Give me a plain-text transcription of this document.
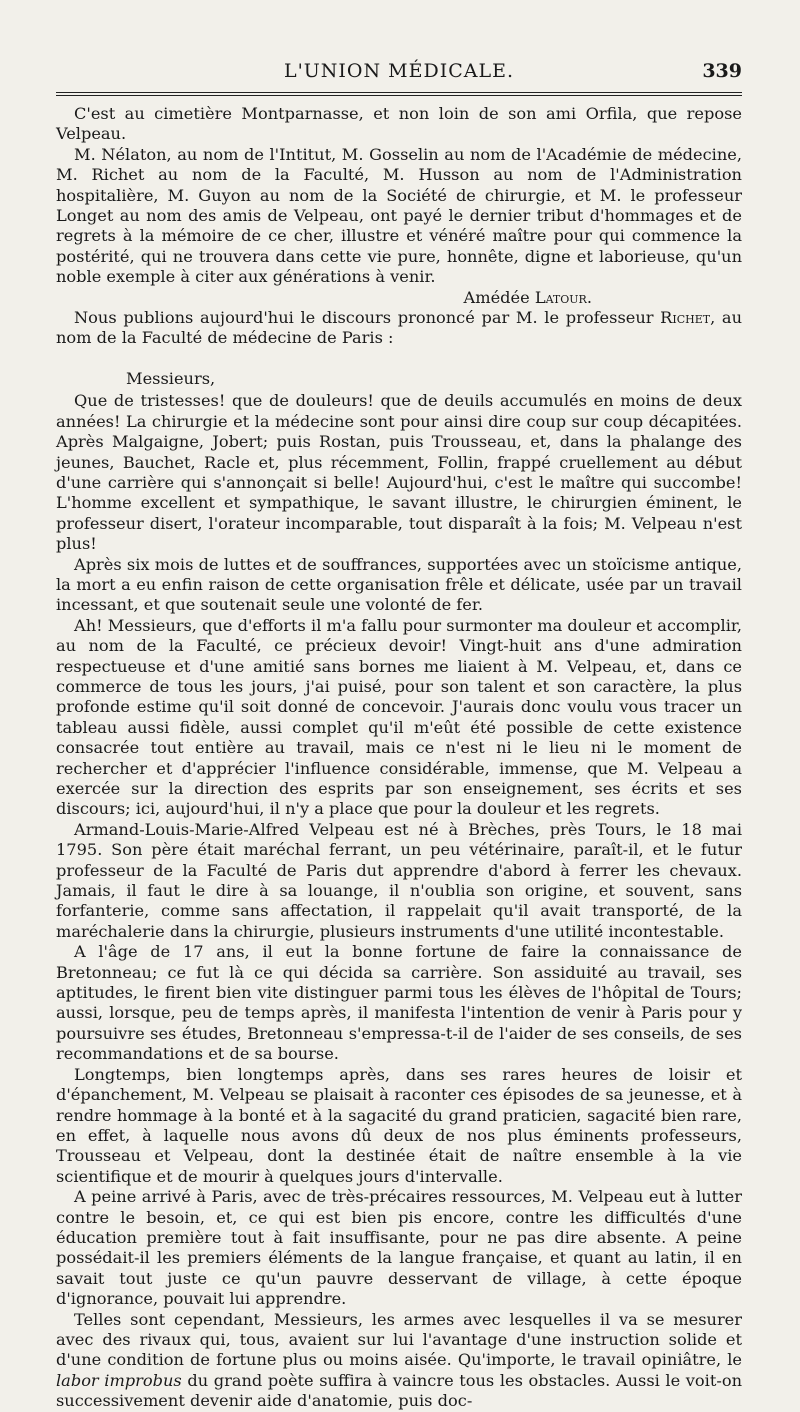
L'UNION MÉDICALE.	339

C'est au cimetière Montparnasse, et non loin de son ami Orfila, que repose Velpeau.

M. Nélaton, au nom de l'Intitut, M. Gosselin au nom de l'Académie de médecine, M. Richet au nom de la Faculté, M. Husson au nom de l'Administration hospitalière, M. Guyon au nom de la Société de chirurgie, et M. le professeur Longet au nom des amis de Velpeau, ont payé le dernier tribut d'hommages et de regrets à la mémoire de ce cher, illustre et vénéré maître pour qui commence la postérité, qui ne trouvera dans cette vie pure, honnête, digne et laborieuse, qu'un noble exemple à citer aux générations à venir.

Amédée Latour.

Nous publions aujourd'hui le discours prononcé par M. le professeur Richet, au nom de la Faculté de médecine de Paris :

Messieurs,

Que de tristesses! que de douleurs! que de deuils accumulés en moins de deux années! La chirurgie et la médecine sont pour ainsi dire coup sur coup décapitées. Après Malgaigne, Jobert; puis Rostan, puis Trousseau, et, dans la phalange des jeunes, Bauchet, Racle et, plus récemment, Follin, frappé cruellement au début d'une carrière qui s'annonçait si belle! Aujourd'hui, c'est le maître qui succombe! L'homme excellent et sympathique, le savant illustre, le chirurgien éminent, le professeur disert, l'orateur incomparable, tout disparaît à la fois; M. Velpeau n'est plus!

Après six mois de luttes et de souffrances, supportées avec un stoïcisme antique, la mort a eu enfin raison de cette organisation frêle et délicate, usée par un travail incessant, et que soutenait seule une volonté de fer.

Ah! Messieurs, que d'efforts il m'a fallu pour surmonter ma douleur et accomplir, au nom de la Faculté, ce précieux devoir! Vingt-huit ans d'une admiration respectueuse et d'une amitié sans bornes me liaient à M. Velpeau, et, dans ce commerce de tous les jours, j'ai puisé, pour son talent et son caractère, la plus profonde estime qu'il soit donné de concevoir. J'aurais donc voulu vous tracer un tableau aussi fidèle, aussi complet qu'il m'eût été possible de cette existence consacrée tout entière au travail, mais ce n'est ni le lieu ni le moment de rechercher et d'apprécier l'influence considérable, immense, que M. Velpeau a exercée sur la direction des esprits par son enseignement, ses écrits et ses discours; ici, aujourd'hui, il n'y a place que pour la douleur et les regrets.

Armand-Louis-Marie-Alfred Velpeau est né à Brèches, près Tours, le 18 mai 1795. Son père était maréchal ferrant, un peu vétérinaire, paraît-il, et le futur professeur de la Faculté de Paris dut apprendre d'abord à ferrer les chevaux. Jamais, il faut le dire à sa louange, il n'oublia son origine, et souvent, sans forfanterie, comme sans affectation, il rappelait qu'il avait transporté, de la maréchalerie dans la chirurgie, plusieurs instruments d'une utilité incontestable.

A l'âge de 17 ans, il eut la bonne fortune de faire la connaissance de Bretonneau; ce fut là ce qui décida sa carrière. Son assiduité au travail, ses aptitudes, le firent bien vite distinguer parmi tous les élèves de l'hôpital de Tours; aussi, lorsque, peu de temps après, il manifesta l'intention de venir à Paris pour y poursuivre ses études, Bretonneau s'empressa-t-il de l'aider de ses conseils, de ses recommandations et de sa bourse.

Longtemps, bien longtemps après, dans ses rares heures de loisir et d'épanchement, M. Velpeau se plaisait à raconter ces épisodes de sa jeunesse, et à rendre hommage à la bonté et à la sagacité du grand praticien, sagacité bien rare, en effet, à laquelle nous avons dû deux de nos plus éminents professeurs, Trousseau et Velpeau, dont la destinée était de naître ensemble à la vie scientifique et de mourir à quelques jours d'intervalle.

A peine arrivé à Paris, avec de très-précaires ressources, M. Velpeau eut à lutter contre le besoin, et, ce qui est bien pis encore, contre les difficultés d'une éducation première tout à fait insuffisante, pour ne pas dire absente. A peine possédait-il les premiers éléments de la langue française, et quant au latin, il en savait tout juste ce qu'un pauvre desservant de village, à cette époque d'ignorance, pouvait lui apprendre.

Telles sont cependant, Messieurs, les armes avec lesquelles il va se mesurer avec des rivaux qui, tous, avaient sur lui l'avantage d'une instruction solide et d'une condition de fortune plus ou moins aisée. Qu'importe, le travail opiniâtre, le labor improbus du grand poète suffira à vaincre tous les obstacles. Aussi le voit-on successivement devenir aide d'anatomie, puis doc-
